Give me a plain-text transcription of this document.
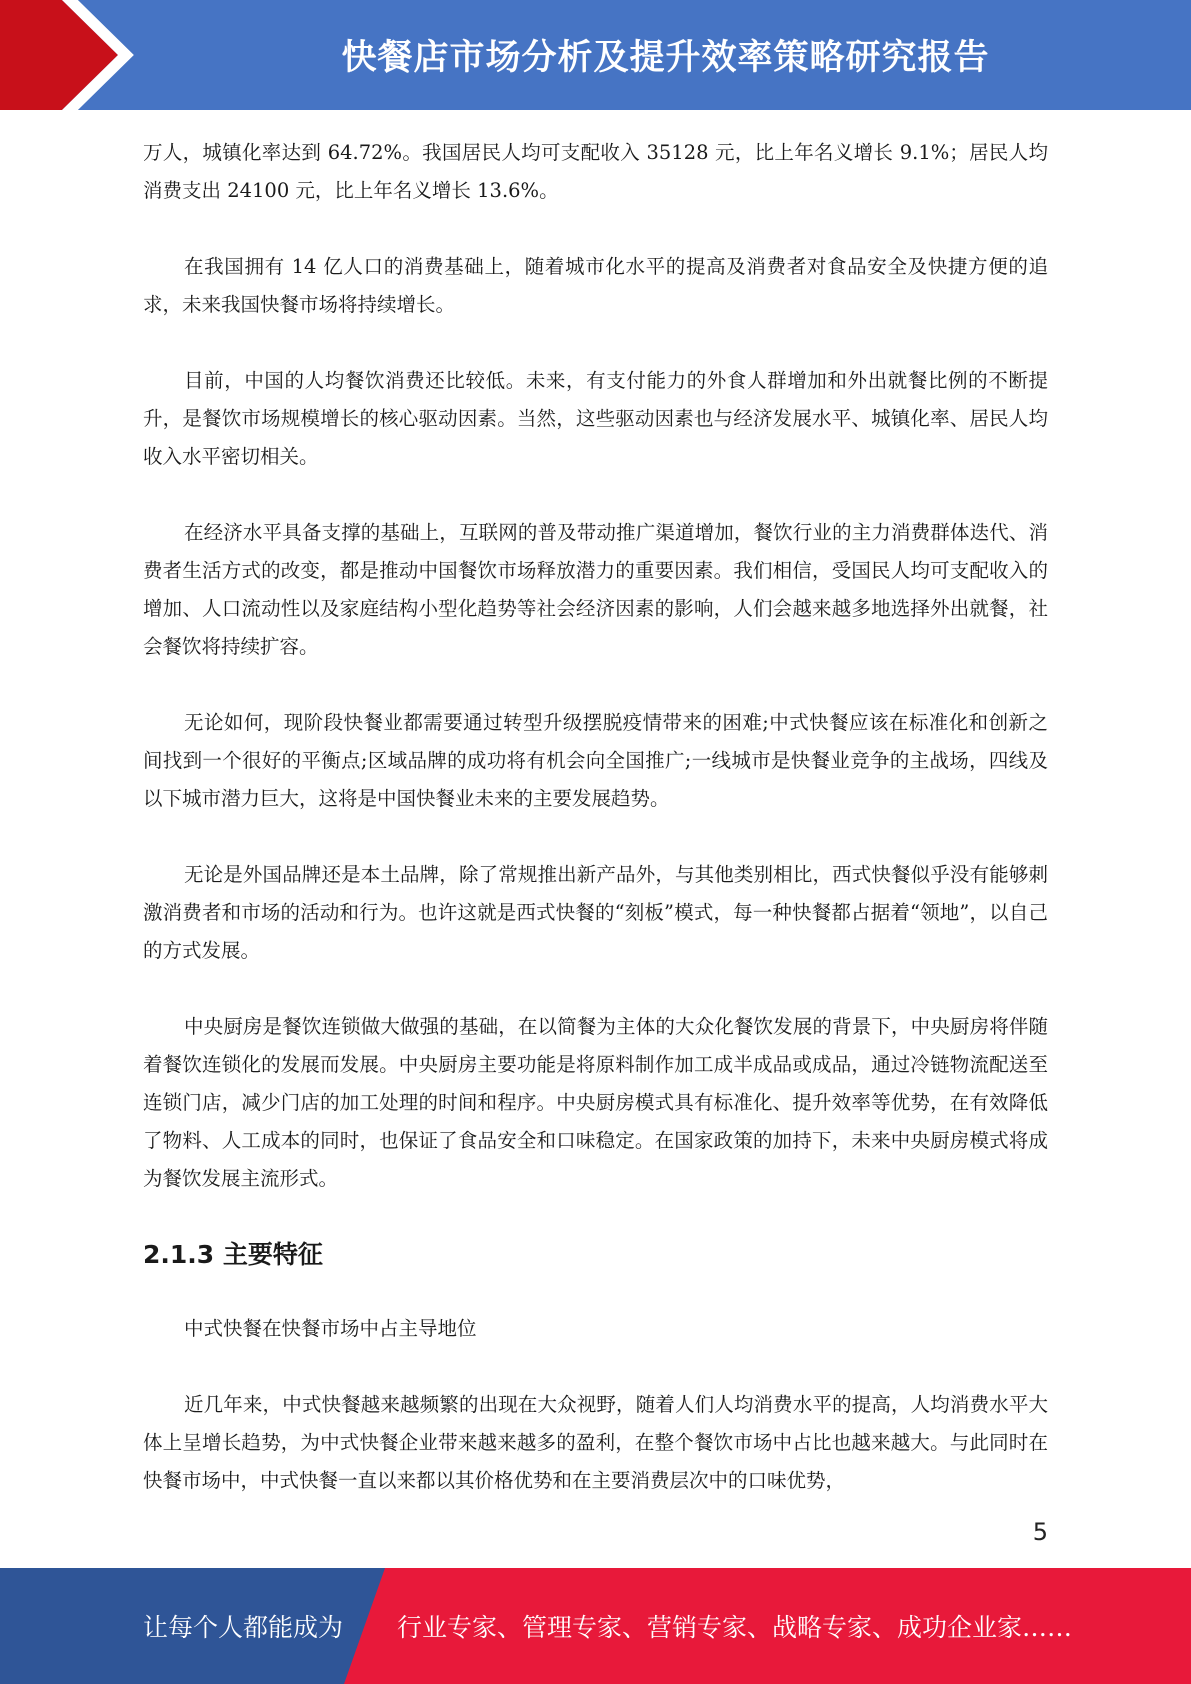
快餐店市场分析及提升效率策略研究报告

万人，城镇化率达到 64.72%。我国居民人均可支配收入 35128 元，比上年名义增长 9.1%；居民人均消费支出 24100 元，比上年名义增长 13.6%。

在我国拥有 14 亿人口的消费基础上，随着城市化水平的提高及消费者对食品安全及快捷方便的追求，未来我国快餐市场将持续增长。

目前，中国的人均餐饮消费还比较低。未来，有支付能力的外食人群增加和外出就餐比例的不断提升，是餐饮市场规模增长的核心驱动因素。当然，这些驱动因素也与经济发展水平、城镇化率、居民人均收入水平密切相关。

在经济水平具备支撑的基础上，互联网的普及带动推广渠道增加，餐饮行业的主力消费群体迭代、消费者生活方式的改变，都是推动中国餐饮市场释放潜力的重要因素。我们相信，受国民人均可支配收入的增加、人口流动性以及家庭结构小型化趋势等社会经济因素的影响，人们会越来越多地选择外出就餐，社会餐饮将持续扩容。

无论如何，现阶段快餐业都需要通过转型升级摆脱疫情带来的困难;中式快餐应该在标准化和创新之间找到一个很好的平衡点;区域品牌的成功将有机会向全国推广;一线城市是快餐业竞争的主战场，四线及以下城市潜力巨大，这将是中国快餐业未来的主要发展趋势。

无论是外国品牌还是本土品牌，除了常规推出新产品外，与其他类别相比，西式快餐似乎没有能够刺激消费者和市场的活动和行为。也许这就是西式快餐的“刻板”模式，每一种快餐都占据着“领地”，以自己的方式发展。

中央厨房是餐饮连锁做大做强的基础，在以简餐为主体的大众化餐饮发展的背景下，中央厨房将伴随着餐饮连锁化的发展而发展。中央厨房主要功能是将原料制作加工成半成品或成品，通过冷链物流配送至连锁门店，减少门店的加工处理的时间和程序。中央厨房模式具有标准化、提升效率等优势，在有效降低了物料、人工成本的同时，也保证了食品安全和口味稳定。在国家政策的加持下，未来中央厨房模式将成为餐饮发展主流形式。

2.1.3 主要特征

中式快餐在快餐市场中占主导地位

近几年来，中式快餐越来越频繁的出现在大众视野，随着人们人均消费水平的提高，人均消费水平大体上呈增长趋势，为中式快餐企业带来越来越多的盈利，在整个餐饮市场中占比也越来越大。与此同时在快餐市场中，中式快餐一直以来都以其价格优势和在主要消费层次中的口味优势，

5
让每个人都能成为 行业专家、管理专家、营销专家、战略专家、成功企业家……
